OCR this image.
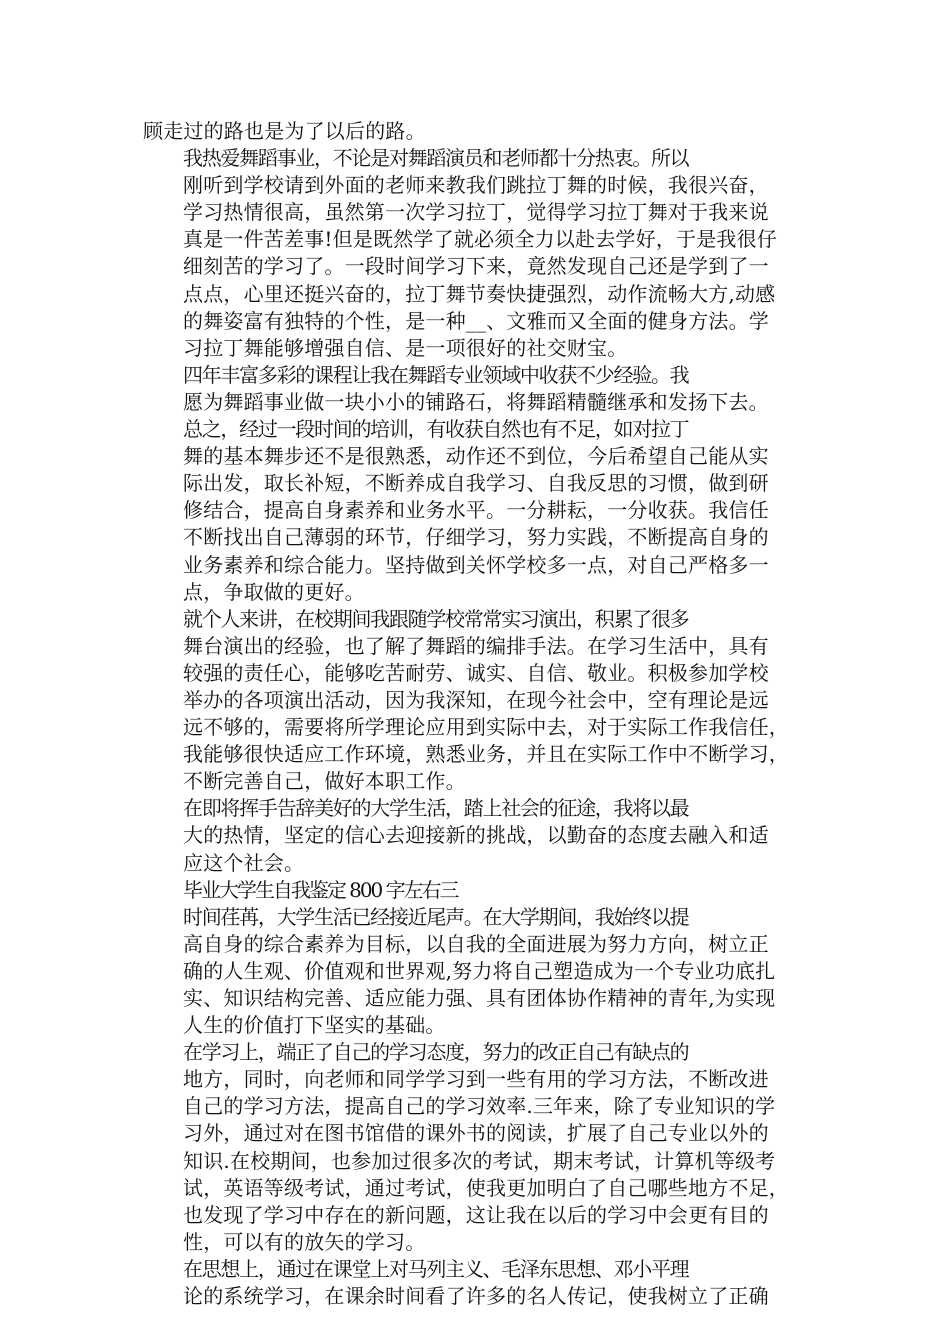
顾走过的路也是为了以后的路。
我热爱舞蹈事业，不论是对舞蹈演员和老师都十分热衷。所以
刚听到学校请到外面的老师来教我们跳拉丁舞的时候，我很兴奋，
学习热情很高，虽然第一次学习拉丁，觉得学习拉丁舞对于我来说
真是一件苦差事!但是既然学了就必须全力以赴去学好，于是我很仔
细刻苦的学习了。一段时间学习下来，竟然发现自己还是学到了一
点点，心里还挺兴奋的，拉丁舞节奏快捷强烈，动作流畅大方,动感
的舞姿富有独特的个性，是一种__、文雅而又全面的健身方法。学
习拉丁舞能够增强自信、是一项很好的社交财宝。
四年丰富多彩的课程让我在舞蹈专业领域中收获不少经验。我
愿为舞蹈事业做一块小小的铺路石，将舞蹈精髓继承和发扬下去。
总之，经过一段时间的培训，有收获自然也有不足，如对拉丁
舞的基本舞步还不是很熟悉，动作还不到位，今后希望自己能从实
际出发，取长补短，不断养成自我学习、自我反思的习惯，做到研
修结合，提高自身素养和业务水平。一分耕耘，一分收获。我信任
不断找出自己薄弱的环节，仔细学习，努力实践，不断提高自身的
业务素养和综合能力。坚持做到关怀学校多一点，对自己严格多一
点，争取做的更好。
就个人来讲，在校期间我跟随学校常常实习演出，积累了很多
舞台演出的经验，也了解了舞蹈的编排手法。在学习生活中，具有
较强的责任心，能够吃苦耐劳、诚实、自信、敬业。积极参加学校
举办的各项演出活动，因为我深知，在现今社会中，空有理论是远
远不够的，需要将所学理论应用到实际中去，对于实际工作我信任，
我能够很快适应工作环境，熟悉业务，并且在实际工作中不断学习，
不断完善自己，做好本职工作。
在即将挥手告辞美好的大学生活，踏上社会的征途，我将以最
大的热情，坚定的信心去迎接新的挑战，以勤奋的态度去融入和适
应这个社会。
毕业大学生自我鉴定 800 字左右三
时间荏苒，大学生活已经接近尾声。在大学期间，我始终以提
高自身的综合素养为目标，以自我的全面进展为努力方向，树立正
确的人生观、价值观和世界观,努力将自己塑造成为一个专业功底扎
实、知识结构完善、适应能力强、具有团体协作精神的青年,为实现
人生的价值打下坚实的基础。
在学习上，端正了自己的学习态度，努力的改正自己有缺点的
地方，同时，向老师和同学学习到一些有用的学习方法，不断改进
自己的学习方法，提高自己的学习效率.三年来，除了专业知识的学
习外，通过对在图书馆借的课外书的阅读，扩展了自己专业以外的
知识.在校期间，也参加过很多次的考试，期末考试，计算机等级考
试，英语等级考试，通过考试，使我更加明白了自己哪些地方不足，
也发现了学习中存在的新问题，这让我在以后的学习中会更有目的
性，可以有的放矢的学习。
在思想上，通过在课堂上对马列主义、毛泽东思想、邓小平理
论的系统学习，在课余时间看了许多的名人传记，使我树立了正确
